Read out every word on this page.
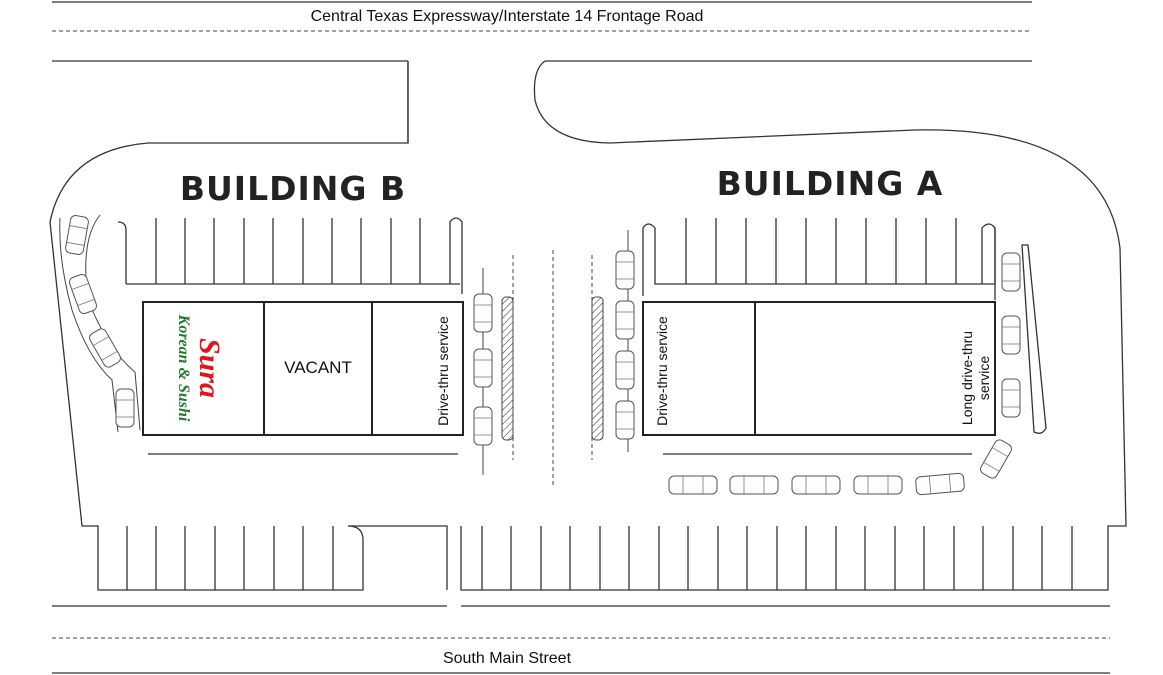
Central Texas Expressway/Interstate 14 Frontage Road
South Main Street
BUILDING B
Sura
Korean & Sushi	VACANT	Drive-thru service
BUILDING A
Drive-thru service	Long drive-thru service
